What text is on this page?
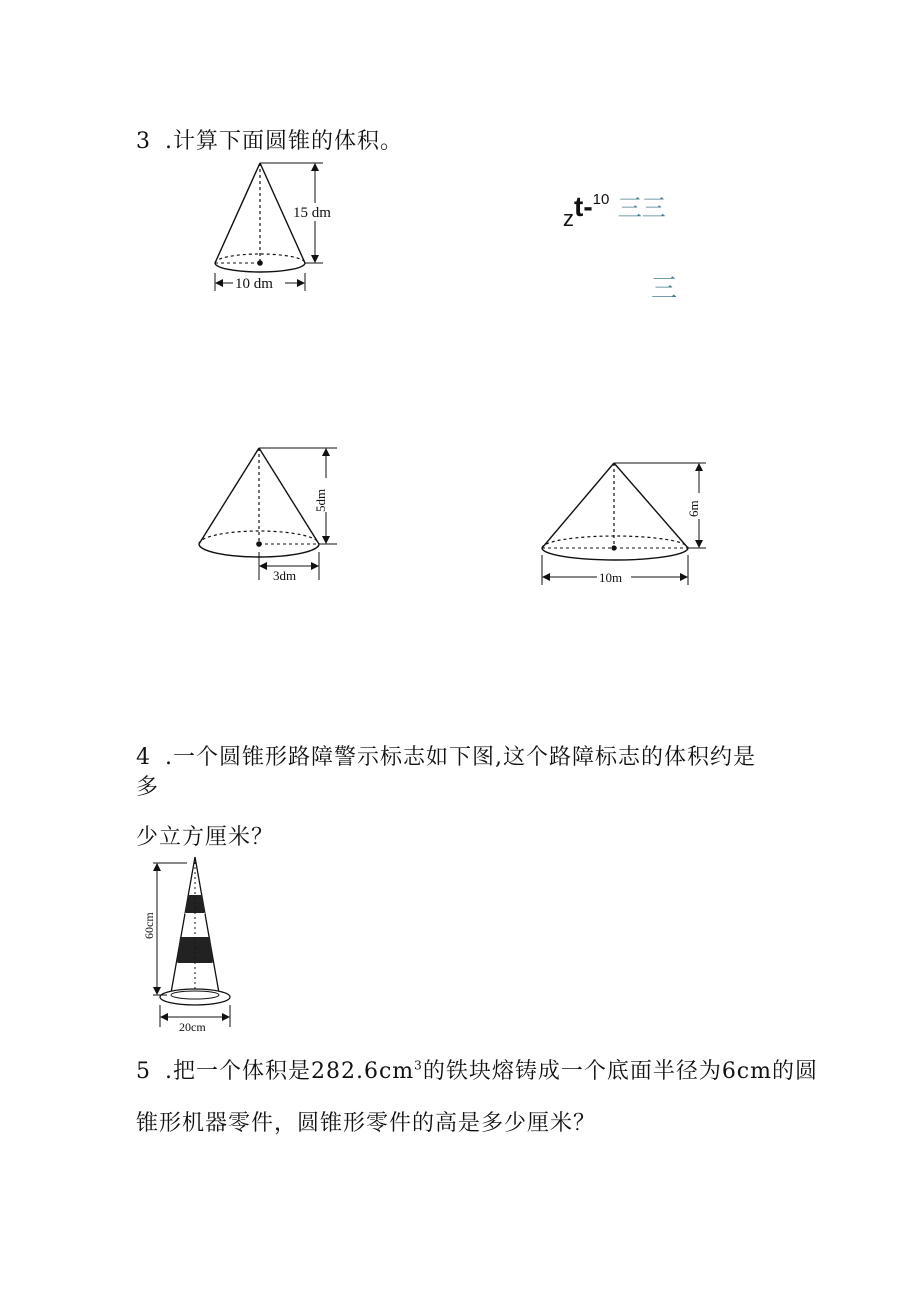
3 .计算下面圆锥的体积。
15 dm
10 dm
zt-10 三三
三
5dm
3dm
6m
10m
4 .一个圆锥形路障警示标志如下图,这个路障标志的体积约是
多
少立方厘米？
60cm
20cm
5 .把一个体积是$282.6cm^3$的铁块熔铸成一个底面半径为6cm的圆
锥形机器零件，圆锥形零件的高是多少厘米？
